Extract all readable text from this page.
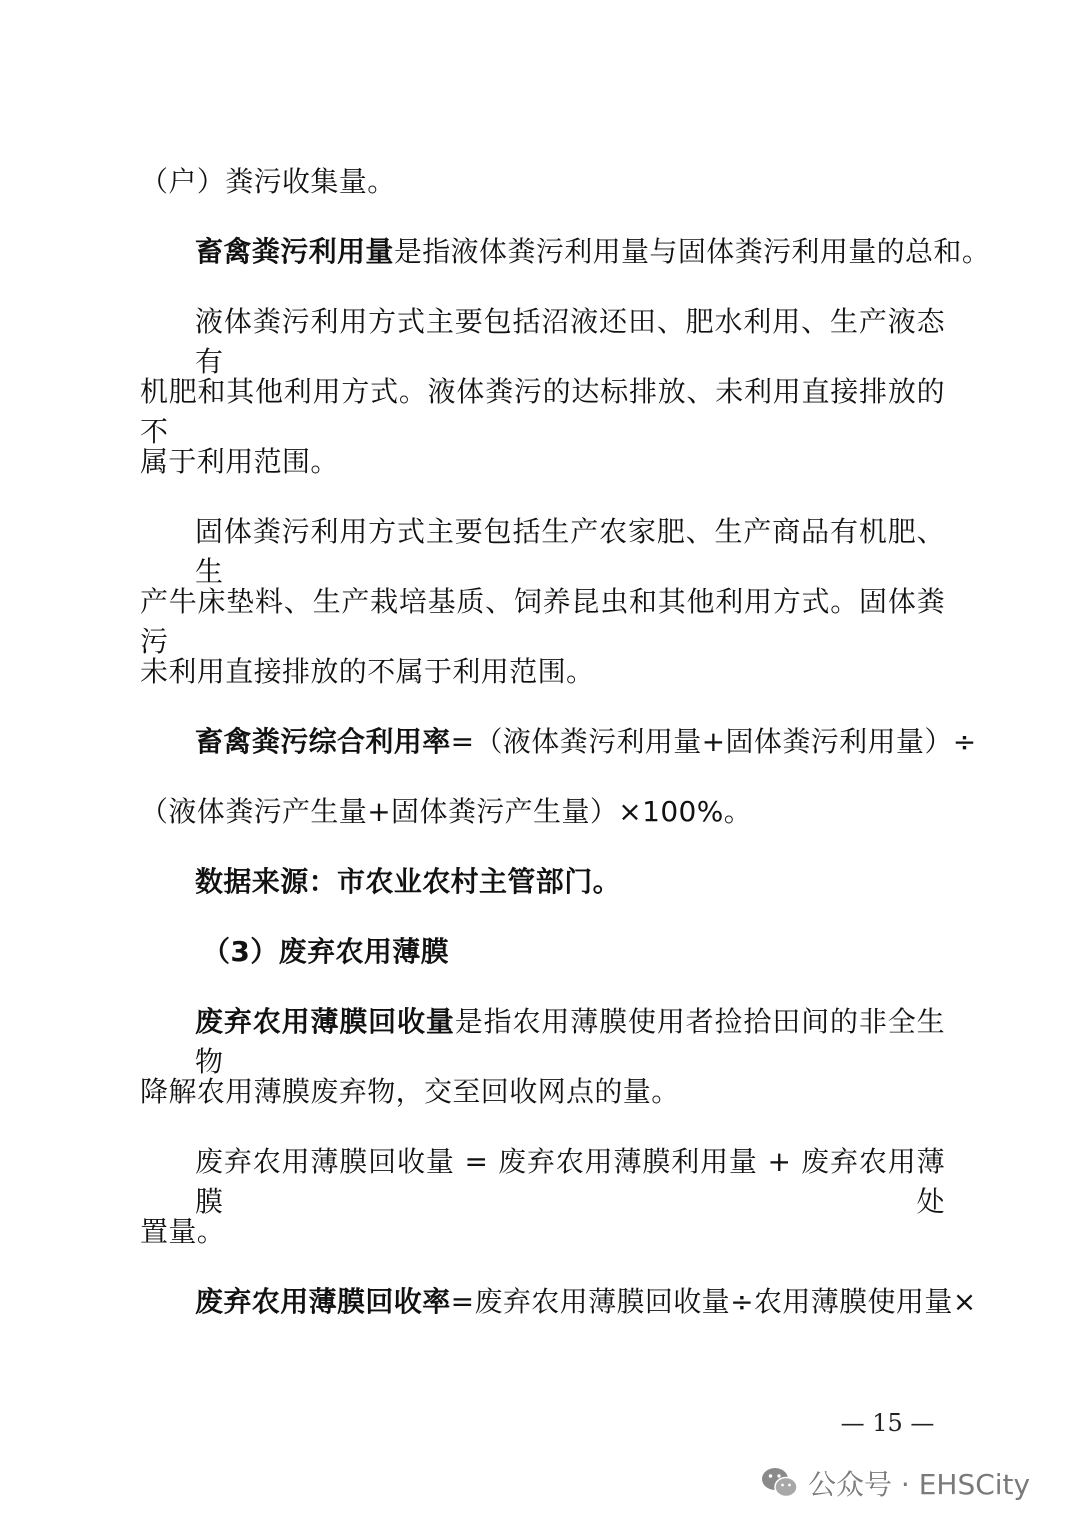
（户）粪污收集量。
畜禽粪污利用量是指液体粪污利用量与固体粪污利用量的总和。
液体粪污利用方式主要包括沼液还田、肥水利用、生产液态有
机肥和其他利用方式。液体粪污的达标排放、未利用直接排放的不
属于利用范围。
固体粪污利用方式主要包括生产农家肥、生产商品有机肥、生
产牛床垫料、生产栽培基质、饲养昆虫和其他利用方式。固体粪污
未利用直接排放的不属于利用范围。
畜禽粪污综合利用率=（液体粪污利用量+固体粪污利用量）÷
（液体粪污产生量+固体粪污产生量）×100%。
数据来源：市农业农村主管部门。
（3）废弃农用薄膜
废弃农用薄膜回收量是指农用薄膜使用者捡拾田间的非全生物
降解农用薄膜废弃物，交至回收网点的量。
废弃农用薄膜回收量 = 废弃农用薄膜利用量 + 废弃农用薄膜处
置量。
废弃农用薄膜回收率=废弃农用薄膜回收量÷农用薄膜使用量×
— 15 —
公众号 · EHSCity
